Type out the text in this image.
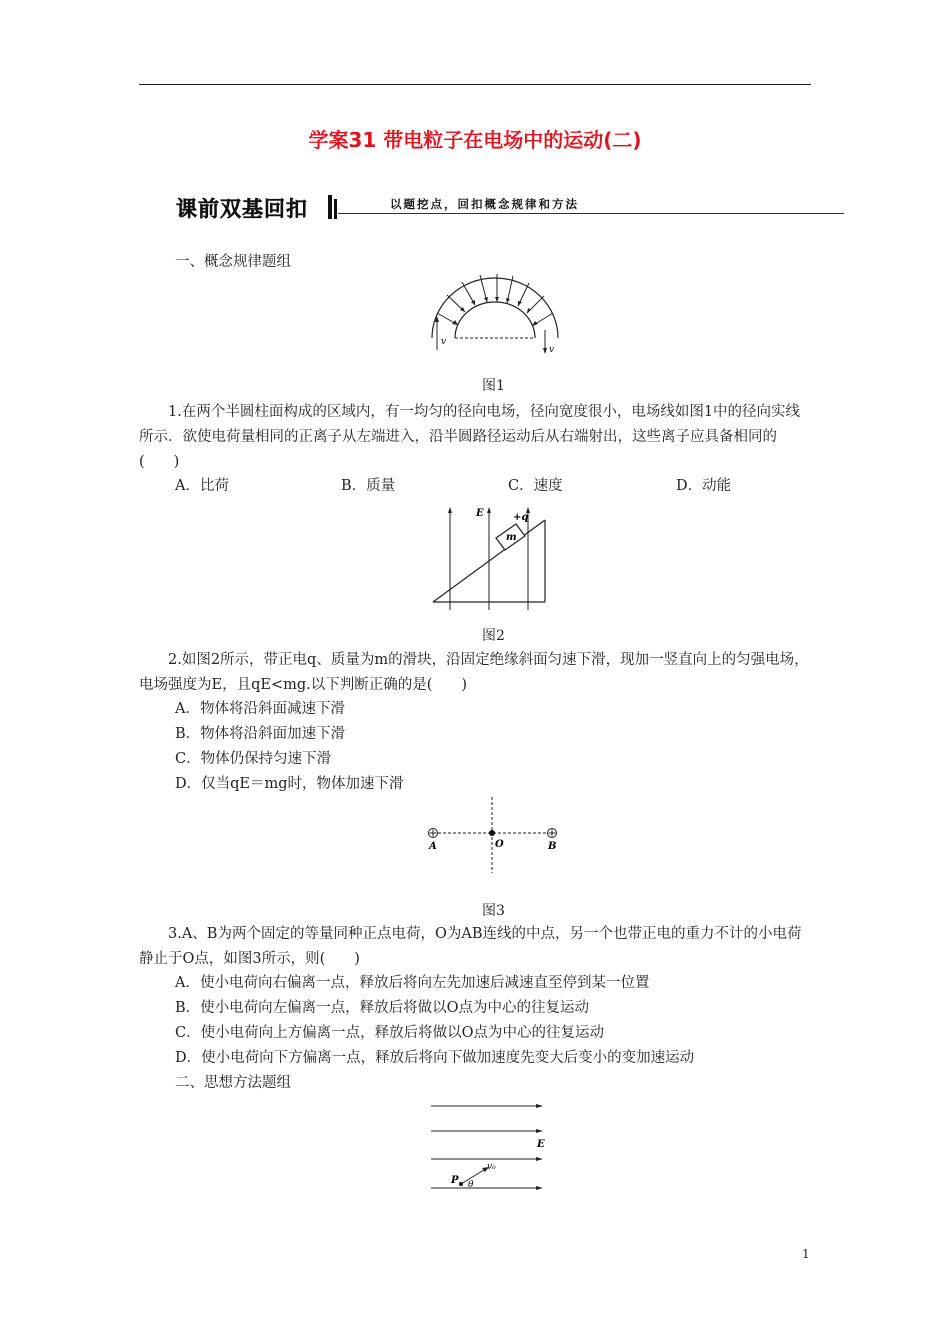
学案31 带电粒子在电场中的运动(二)
课前双基回扣	以题挖点，回扣概念规律和方法
一、概念规律题组
v
v
图1
1.在两个半圆柱面构成的区域内，有一均匀的径向电场，径向宽度很小，电场线如图1中的径向实线所示．欲使电荷量相同的正离子从左端进入，沿半圆路径运动后从右端射出，这些离子应具备相同的(　　)
A．比荷	B．质量	C．速度	D．动能
m
+q
E
图2
2.如图2所示，带正电q、质量为m的滑块，沿固定绝缘斜面匀速下滑，现加一竖直向上的匀强电场，电场强度为E，且qE<mg.以下判断正确的是(　　)
A．物体将沿斜面减速下滑
B．物体将沿斜面加速下滑
C．物体仍保持匀速下滑
D．仅当qE＝mg时，物体加速下滑
A	O	B
图3
3.A、B为两个固定的等量同种正点电荷，O为AB连线的中点，另一个也带正电的重力不计的小电荷静止于O点，如图3所示，则(　　)
A．使小电荷向右偏离一点，释放后将向左先加速后减速直至停到某一位置
B．使小电荷向左偏离一点，释放后将做以O点为中心的往复运动
C．使小电荷向上方偏离一点，释放后将做以O点为中心的往复运动
D．使小电荷向下方偏离一点，释放后将向下做加速度先变大后变小的变加速运动
二、思想方法题组
E
v₀
P θ
1
